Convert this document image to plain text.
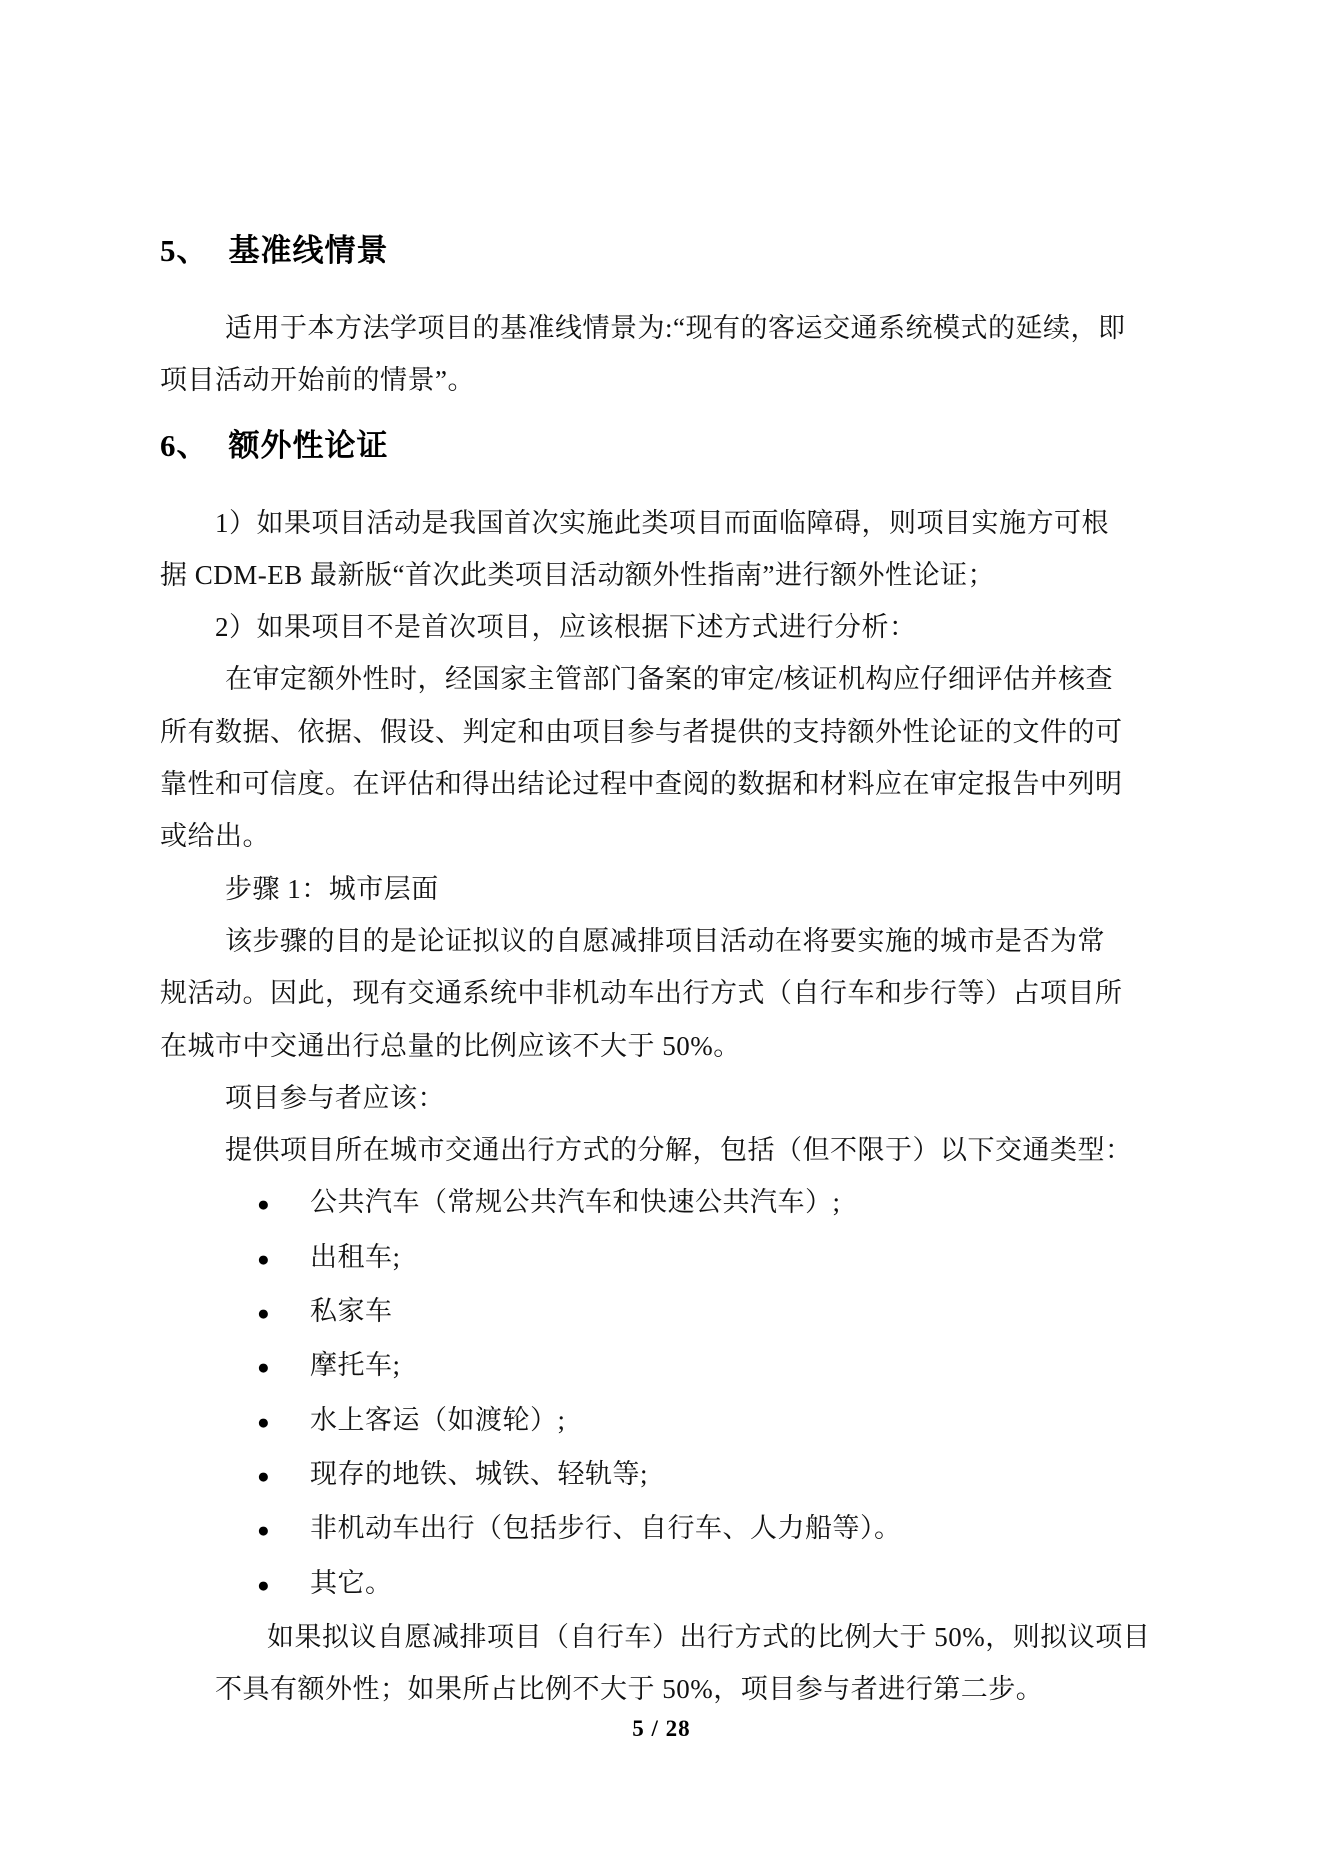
5、 基准线情景

适用于本方法学项目的基准线情景为:“现有的客运交通系统模式的延续，即

项目活动开始前的情景”。

6、 额外性论证

1）如果项目活动是我国首次实施此类项目而面临障碍，则项目实施方可根

据 CDM-EB 最新版“首次此类项目活动额外性指南”进行额外性论证；

2）如果项目不是首次项目，应该根据下述方式进行分析：

在审定额外性时，经国家主管部门备案的审定/核证机构应仔细评估并核查

所有数据、依据、假设、判定和由项目参与者提供的支持额外性论证的文件的可

靠性和可信度。在评估和得出结论过程中查阅的数据和材料应在审定报告中列明

或给出。

步骤 1：城市层面

该步骤的目的是论证拟议的自愿减排项目活动在将要实施的城市是否为常

规活动。因此，现有交通系统中非机动车出行方式（自行车和步行等）占项目所

在城市中交通出行总量的比例应该不大于 50%。

项目参与者应该：

提供项目所在城市交通出行方式的分解，包括（但不限于）以下交通类型：

●	公共汽车（常规公共汽车和快速公共汽车）;
●	出租车;
●	私家车
●	摩托车;
●	水上客运（如渡轮）;
●	现存的地铁、城铁、轻轨等;
●	非机动车出行（包括步行、自行车、人力船等）。
●	其它。

如果拟议自愿减排项目（自行车）出行方式的比例大于 50%，则拟议项目

不具有额外性；如果所占比例不大于 50%，项目参与者进行第二步。

5 / 28
